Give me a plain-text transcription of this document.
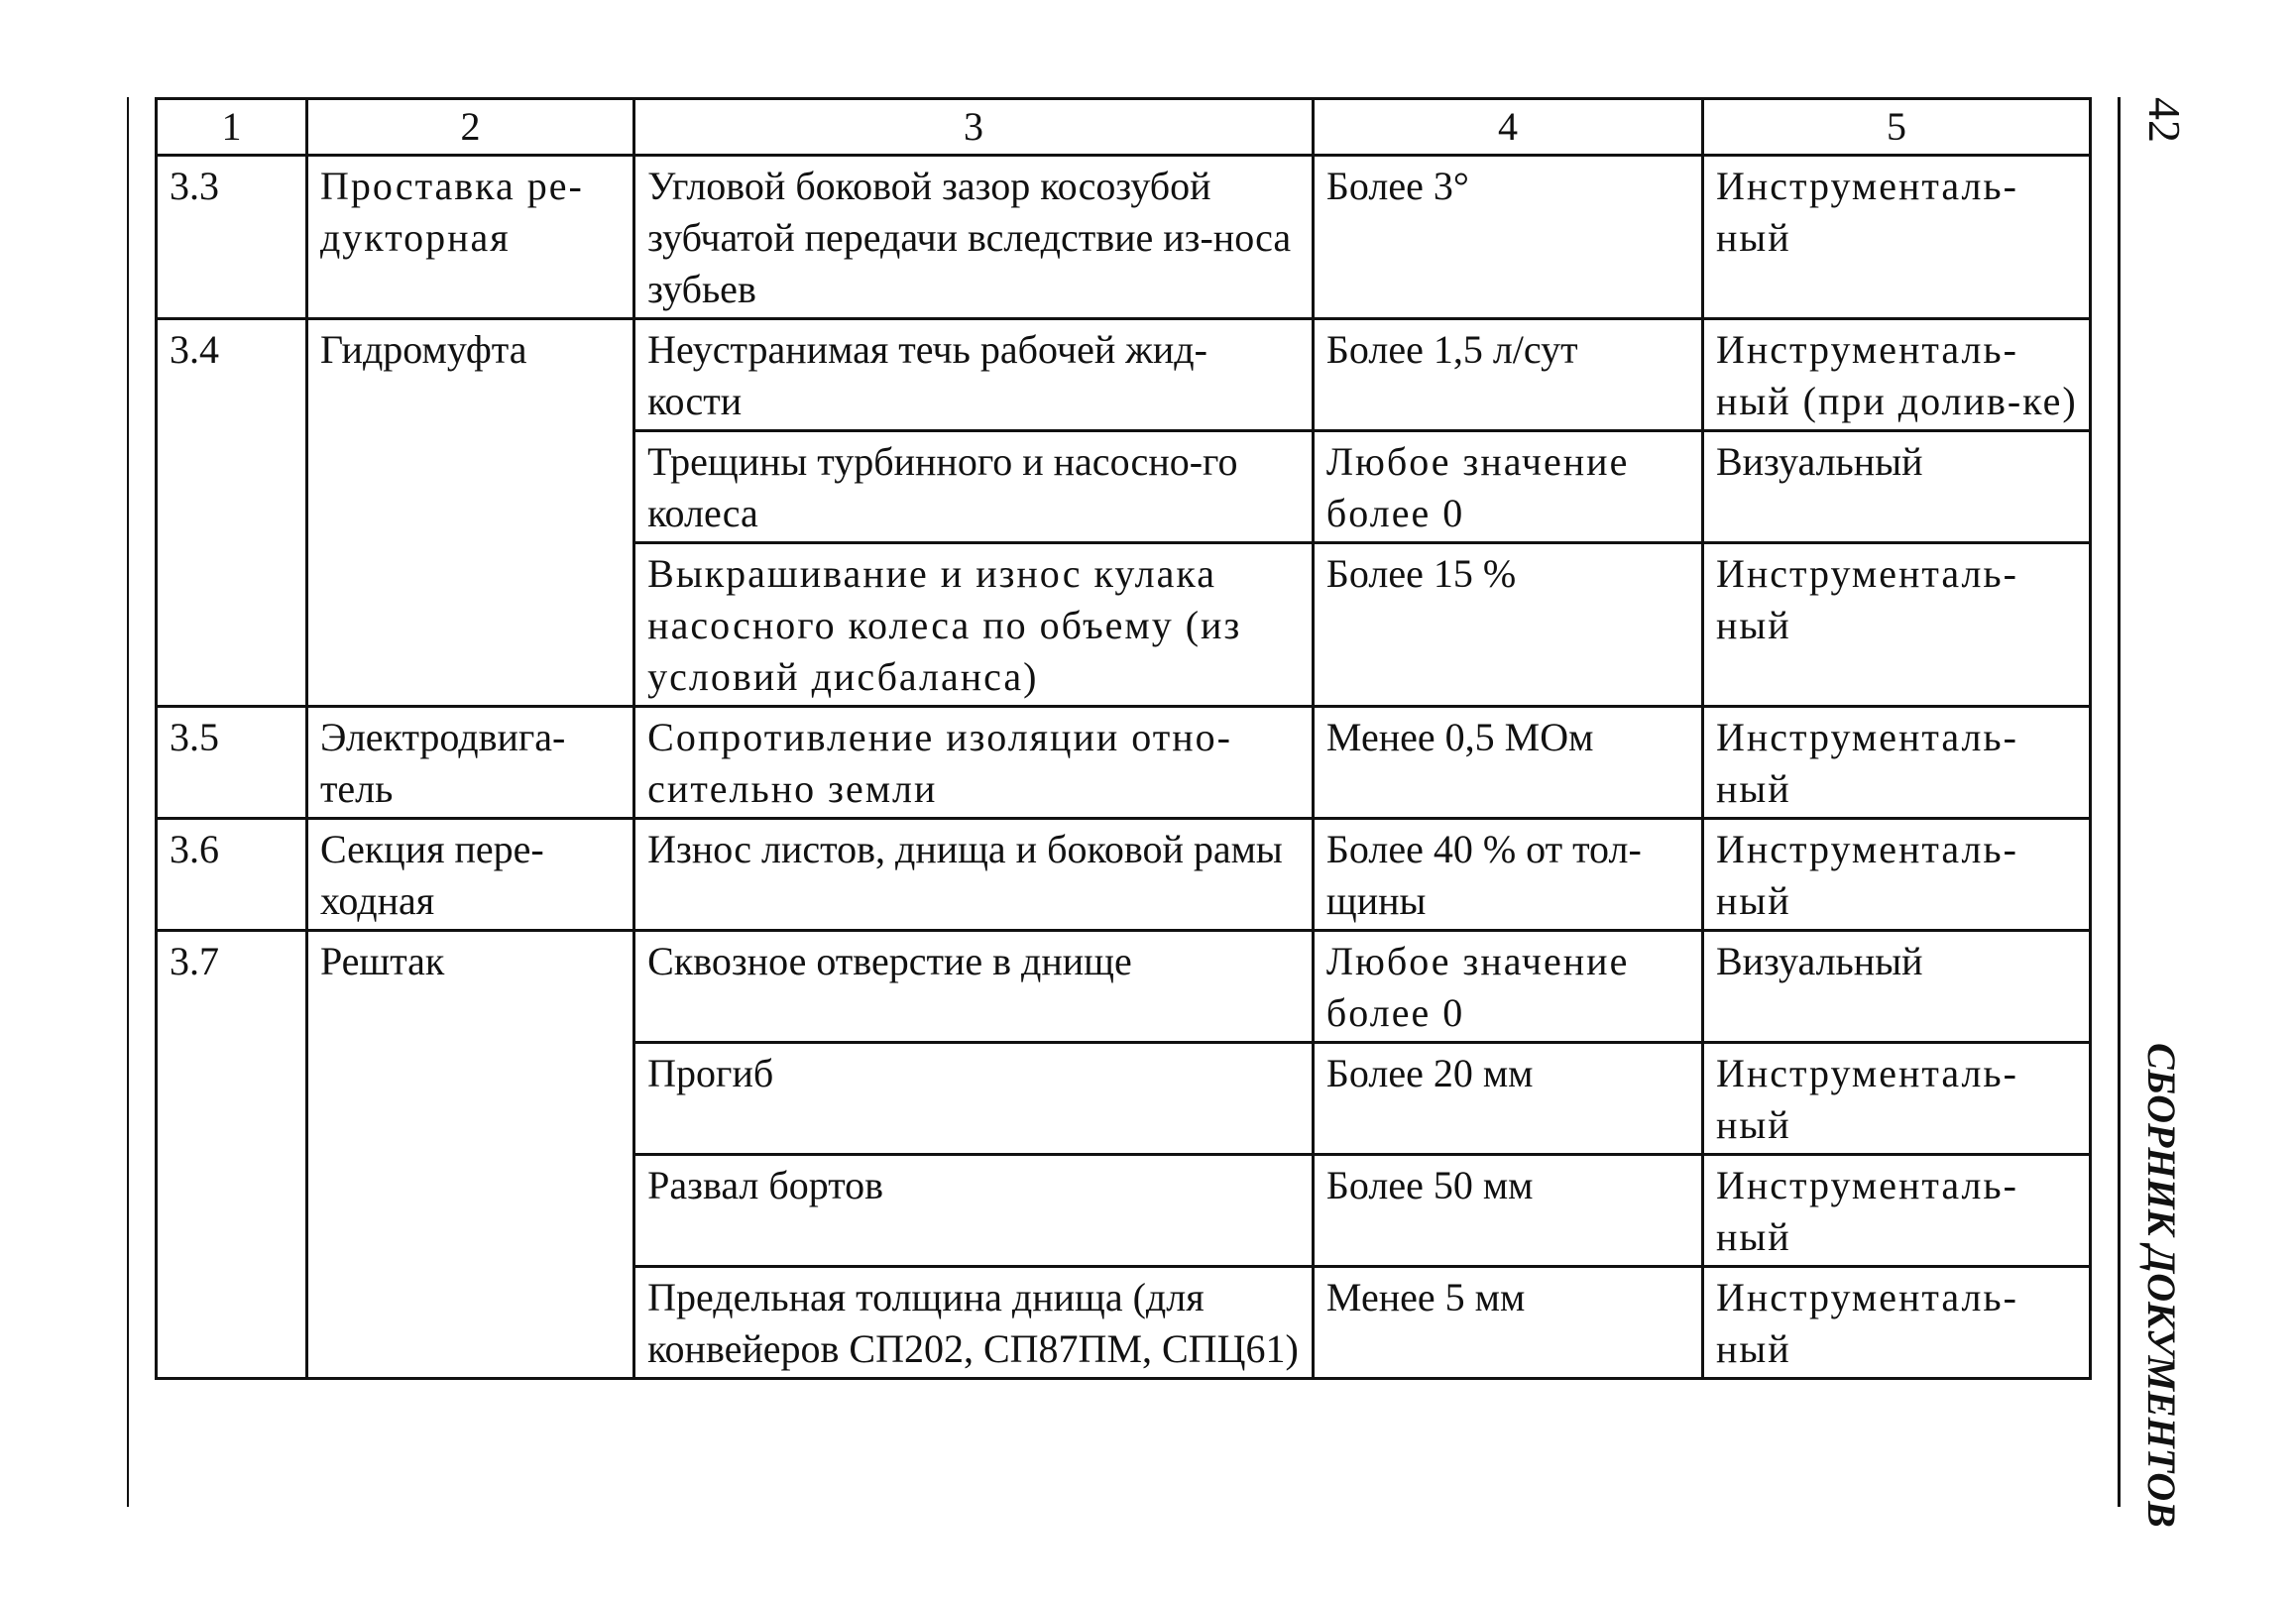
42
СБОРНИК ДОКУМЕНТОВ
1	2	3	4	5
3.3	Проставка ре-дукторная	Угловой боковой зазор косозубой зубчатой передачи вследствие из-носа зубьев	Более 3°	Инструменталь-ный
3.4	Гидромуфта	Неустранимая течь рабочей жид-кости	Более 1,5 л/сут	Инструменталь-ный (при долив-ке)
		Трещины турбинного и насосно-го колеса	Любое значение более 0	Визуальный
		Выкрашивание и износ кулака насосного колеса по объему (из условий дисбаланса)	Более 15 %	Инструменталь-ный
3.5	Электродвига-тель	Сопротивление изоляции отно-сительно земли	Менее 0,5 МОм	Инструменталь-ный
3.6	Секция пере-ходная	Износ листов, днища и боковой рамы	Более 40 % от тол-щины	Инструменталь-ный
3.7	Рештак	Сквозное отверстие в днище	Любое значение более 0	Визуальный
		Прогиб	Более 20 мм	Инструменталь-ный
		Развал бортов	Более 50 мм	Инструменталь-ный
		Предельная толщина днища (для конвейеров СП202, СП87ПМ, СПЦ61)	Менее 5 мм	Инструменталь-ный
